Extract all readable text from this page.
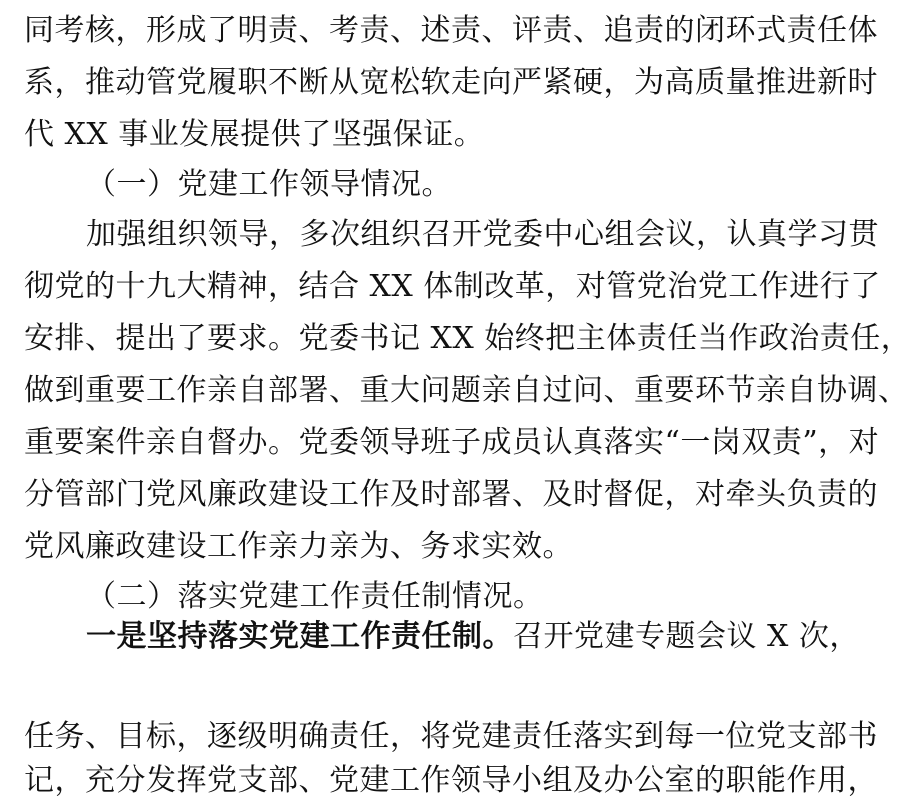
同考核，形成了明责、考责、述责、评责、追责的闭环式责任体
系，推动管党履职不断从宽松软走向严紧硬，为高质量推进新时
代 XX 事业发展提供了坚强保证。
（一）党建工作领导情况。
加强组织领导，多次组织召开党委中心组会议，认真学习贯
彻党的十九大精神，结合 XX 体制改革，对管党治党工作进行了
安排、提出了要求。党委书记 XX 始终把主体责任当作政治责任，
做到重要工作亲自部署、重大问题亲自过问、重要环节亲自协调、
重要案件亲自督办。党委领导班子成员认真落实“一岗双责”，对
分管部门党风廉政建设工作及时部署、及时督促，对牵头负责的
党风廉政建设工作亲力亲为、务求实效。
（二）落实党建工作责任制情况。
一是坚持落实党建工作责任制。召开党建专题会议 X 次，
任务、目标，逐级明确责任，将党建责任落实到每一位党支部书
记，充分发挥党支部、党建工作领导小组及办公室的职能作用，
